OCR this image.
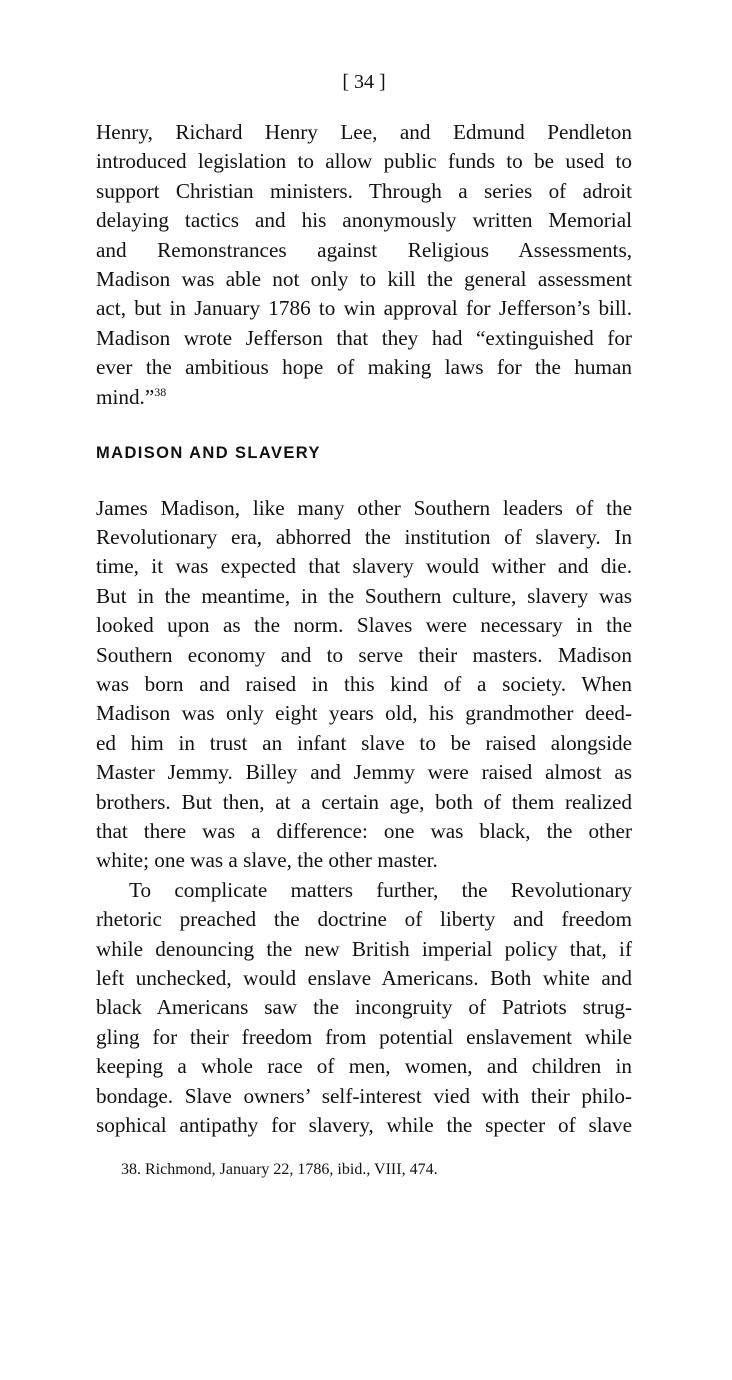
[ 34 ]

Henry, Richard Henry Lee, and Edmund Pendleton
introduced legislation to allow public funds to be used to
support Christian ministers. Through a series of adroit
delaying tactics and his anonymously written Memorial
and Remonstrances against Religious Assessments,
Madison was able not only to kill the general assessment
act, but in January 1786 to win approval for Jefferson’s bill.
Madison wrote Jefferson that they had “extinguished for
ever the ambitious hope of making laws for the human
mind.”$^{38}$

MADISON AND SLAVERY

James Madison, like many other Southern leaders of the
Revolutionary era, abhorred the institution of slavery. In
time, it was expected that slavery would wither and die.
But in the meantime, in the Southern culture, slavery was
looked upon as the norm. Slaves were necessary in the
Southern economy and to serve their masters. Madison
was born and raised in this kind of a society. When
Madison was only eight years old, his grandmother deed-
ed him in trust an infant slave to be raised alongside
Master Jemmy. Billey and Jemmy were raised almost as
brothers. But then, at a certain age, both of them realized
that there was a difference: one was black, the other
white; one was a slave, the other master.

To complicate matters further, the Revolutionary
rhetoric preached the doctrine of liberty and freedom
while denouncing the new British imperial policy that, if
left unchecked, would enslave Americans. Both white and
black Americans saw the incongruity of Patriots strug-
gling for their freedom from potential enslavement while
keeping a whole race of men, women, and children in
bondage. Slave owners’ self-interest vied with their philo-
sophical antipathy for slavery, while the specter of slave

38. Richmond, January 22, 1786, ibid., VIII, 474.
